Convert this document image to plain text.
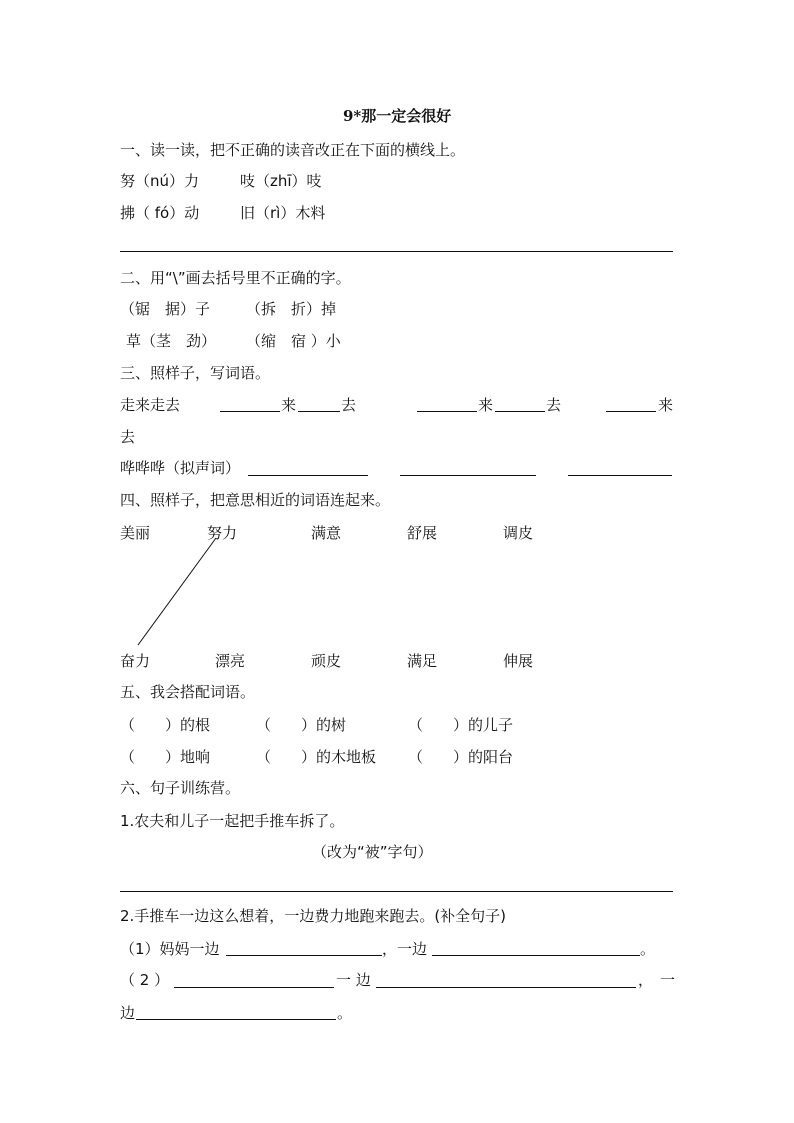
9*那一定会很好
一、读一读，把不正确的读音改正在下面的横线上。
努（nú）力	吱（zhī）吱
拂（ fó）动	旧（rì）木料
二、用“\”画去括号里不正确的字。
（锯　据）子 （拆　折）掉
草（茎　劲） （缩　宿 ）小
三、照样子，写词语。
走来走去	来	去	来	去	来
去
哗哗哗（拟声词）
四、照样子，把意思相近的词语连起来。
美丽	努力	满意	舒展	调皮
奋力	漂亮	顽皮	满足	伸展
五、我会搭配词语。
（　　）的根	（　　）的树	（　　）的儿子
（　　）地响	（　　）的木地板 （　　）的阳台
六、句子训练营。
1.农夫和儿子一起把手推车拆了。
（改为“被”字句）
2.手推车一边这么想着，一边费力地跑来跑去。(补全句子)
（1）妈妈一边	，一边	。
（ 2 ）	一 边	， 一
边	。
